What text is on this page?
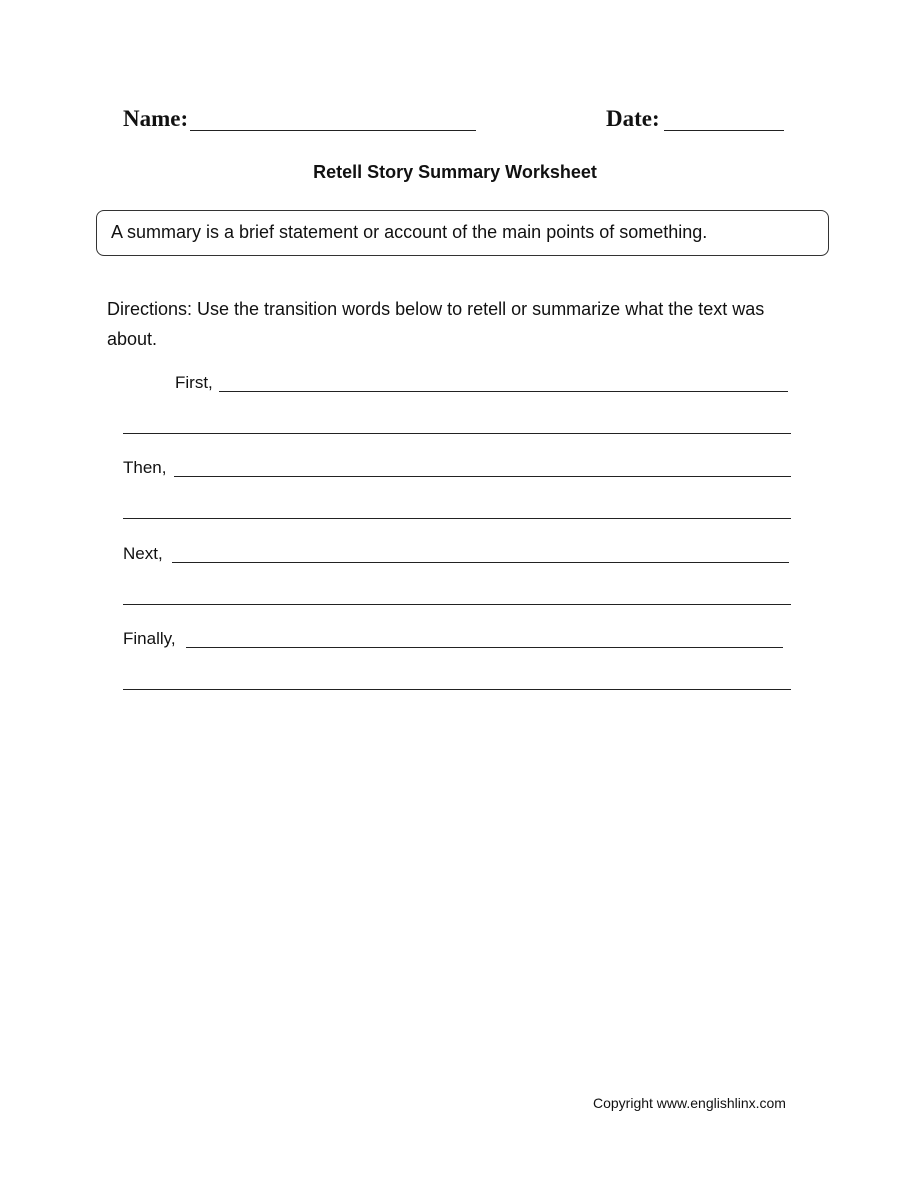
Name:	Date:
Retell Story Summary Worksheet
A summary is a brief statement or account of the main points of something.
Directions: Use the transition words below to retell or summarize what the text was about.
First,
Then,
Next,
Finally,
Copyright www.englishlinx.com
